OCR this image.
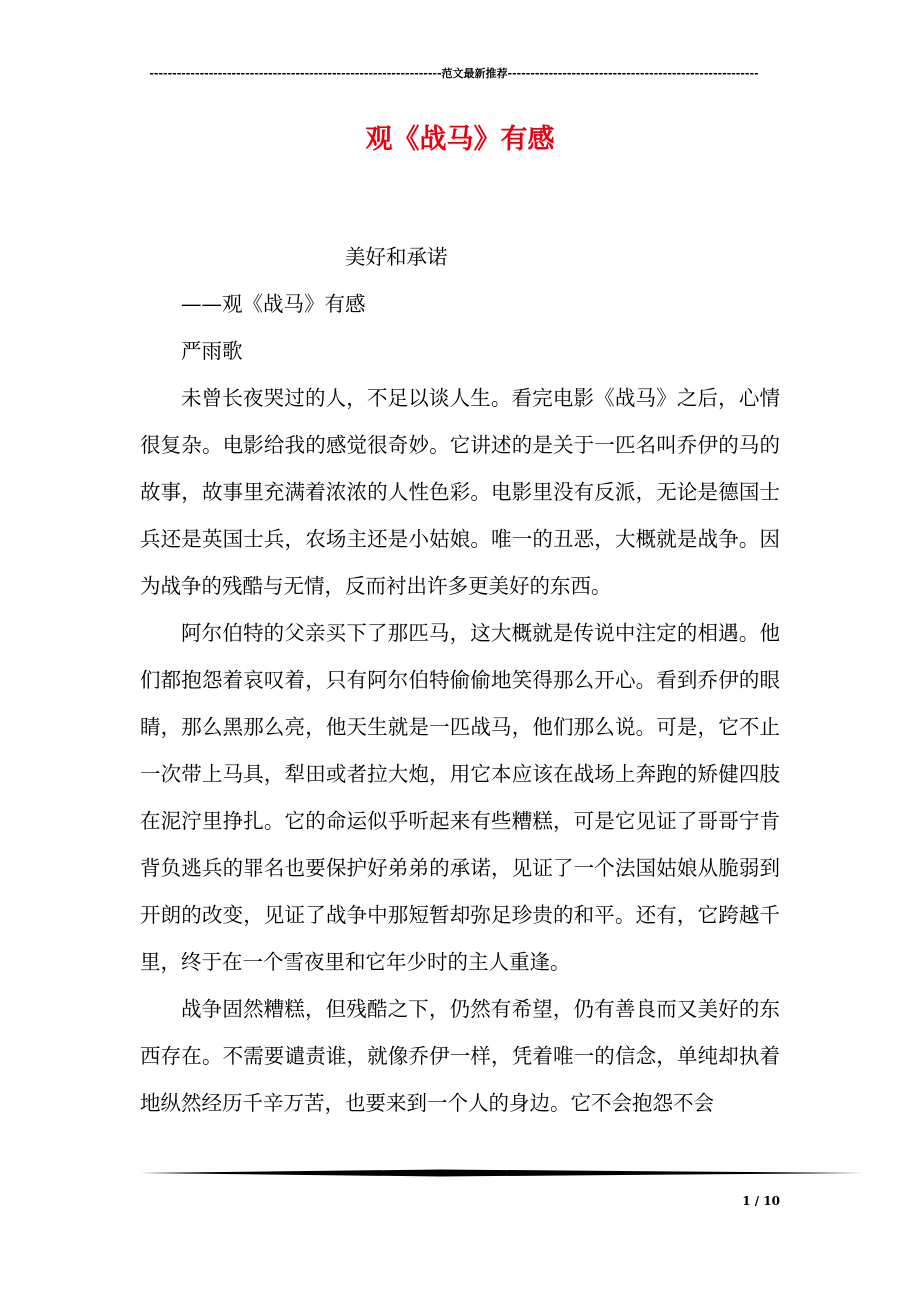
----------------------------------------------------------------范文最新推荐-------------------------------------------------------
观《战马》有感

美好和承诺

——观《战马》有感

严雨歌

未曾长夜哭过的人，不足以谈人生。看完电影《战马》之后，心情很复杂。电影给我的感觉很奇妙。它讲述的是关于一匹名叫乔伊的马的故事，故事里充满着浓浓的人性色彩。电影里没有反派，无论是德国士兵还是英国士兵，农场主还是小姑娘。唯一的丑恶，大概就是战争。因为战争的残酷与无情，反而衬出许多更美好的东西。

阿尔伯特的父亲买下了那匹马，这大概就是传说中注定的相遇。他们都抱怨着哀叹着，只有阿尔伯特偷偷地笑得那么开心。看到乔伊的眼睛，那么黑那么亮，他天生就是一匹战马，他们那么说。可是，它不止一次带上马具，犁田或者拉大炮，用它本应该在战场上奔跑的矫健四肢在泥泞里挣扎。它的命运似乎听起来有些糟糕，可是它见证了哥哥宁肯背负逃兵的罪名也要保护好弟弟的承诺，见证了一个法国姑娘从脆弱到开朗的改变，见证了战争中那短暂却弥足珍贵的和平。还有，它跨越千里，终于在一个雪夜里和它年少时的主人重逢。

战争固然糟糕，但残酷之下，仍然有希望，仍有善良而又美好的东西存在。不需要谴责谁，就像乔伊一样，凭着唯一的信念，单纯却执着地纵然经历千辛万苦，也要来到一个人的身边。它不会抱怨不会

1 / 10
